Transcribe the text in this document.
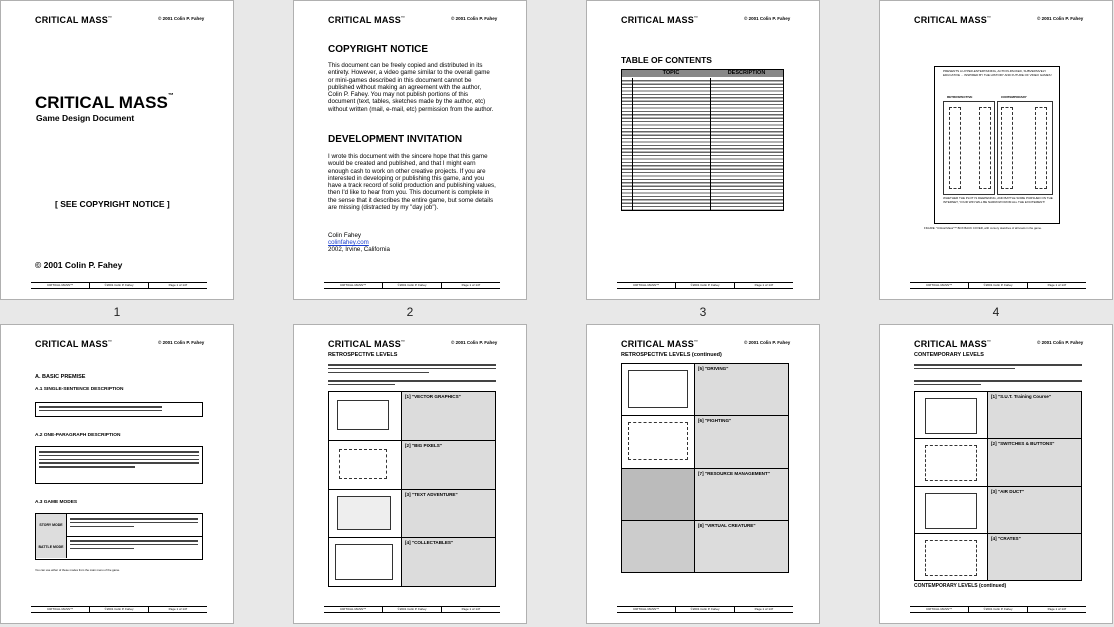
CRITICAL MASS™	© 2001 Colin P. Fahey
CRITICAL MASS™
Game Design Document
[ SEE COPYRIGHT NOTICE ]
© 2001 Colin P. Fahey
CRITICAL MASS™	©2001 Colin P. Fahey	Page 1 of 147
1
CRITICAL MASS™	© 2001 Colin P. Fahey
COPYRIGHT NOTICE
This document can be freely copied and distributed in its entirety. However, a video game similar to the overall game or mini-games described in this document cannot be published without making an agreement with the author, Colin P. Fahey. You may not publish portions of this document (text, tables, sketches made by the author, etc) without written (mail, e-mail, etc) permission from the author.
DEVELOPMENT INVITATION
I wrote this document with the sincere hope that this game would be created and published, and that I might earn enough cash to work on other creative projects. If you are interested in developing or publishing this game, and you have a track record of solid production and publishing values, then I'd like to hear from you. This document is complete in the sense that it describes the entire game, but some details are missing (distracted by my "day job").
Colin Fahey
colinfahey.com
2002, Irvine, California
CRITICAL MASS™	©2001 Colin P. Fahey	Page 1 of 147
2
CRITICAL MASS™	© 2001 Colin P. Fahey
TABLE OF CONTENTS
TOPIC	DESCRIPTION
CRITICAL MASS™	©2001 Colin P. Fahey	Page 1 of 147
3
CRITICAL MASS™	© 2001 Colin P. Fahey
PRESENTS A HYPER-ENTERTAINING, ACTION-PACKED, SUBVERSIVELY EDUCATIVE ... INSPIRED BY THE HISTORY AND FUTURE OF VIDEO GAMES!
RETROSPECTIVE	CONTEMPORARY
WHETHER THE PLOT IS DEEPENING, AND BATTLE SOME PURSUED ON THE INTERNET, YOUR WIN WILL BE NARROW FROM ALL THE EXCITEMENT!
FIGURE: "Critical Mass"™ BOX BACK COVER, with cursory sketches of all levels in the game.
CRITICAL MASS™	©2001 Colin P. Fahey	Page 1 of 147
4
CRITICAL MASS™	© 2001 Colin P. Fahey
A. BASIC PREMISE
A.1 SINGLE-SENTENCE DESCRIPTION
A.2 ONE-PARAGRAPH DESCRIPTION
A.3 GAME MODES
STORY MODE
BATTLE MODE
You can use either of these modes from the main menu of the game.
CRITICAL MASS™	©2001 Colin P. Fahey	Page 1 of 147
CRITICAL MASS™	© 2001 Colin P. Fahey
RETROSPECTIVE LEVELS
[1] "VECTOR GRAPHICS"
[2] "BIG PIXELS"
[3] "TEXT ADVENTURE"
[4] "COLLECTABLES"
CRITICAL MASS™	©2001 Colin P. Fahey	Page 1 of 147
CRITICAL MASS™	© 2001 Colin P. Fahey
RETROSPECTIVE LEVELS (continued)
[5] "DRIVING"
[6] "FIGHTING"
[7] "RESOURCE MANAGEMENT"
[8] "VIRTUAL CREATURE"
CRITICAL MASS™	©2001 Colin P. Fahey	Page 1 of 147
CRITICAL MASS™	© 2001 Colin P. Fahey
CONTEMPORARY LEVELS
[1] "S.U.T. Training Course"
[2] "SWITCHES & BUTTONS"
[3] "AIR DUCT"
[4] "CRATES"
CONTEMPORARY LEVELS (continued)
CRITICAL MASS™	©2001 Colin P. Fahey	Page 1 of 147
